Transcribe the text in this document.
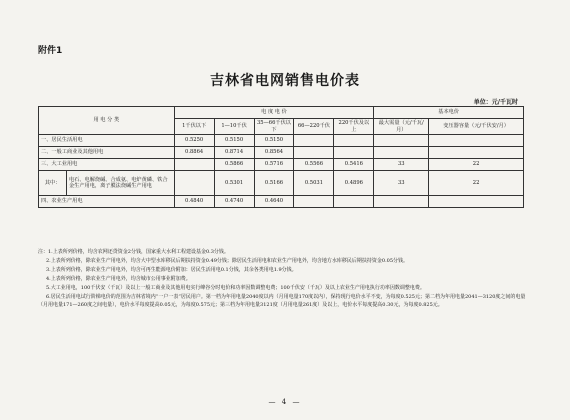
附件1
吉林省电网销售电价表
单位：元/千瓦时
用 电 分 类		电 度 电 价					基本电价	
		1千伏以下	1—10千伏	35—66千伏以下	66—220千伏	220千伏及以上	最大需量（元/千瓦/月）	变压器容量（元/千伏安/月）
一、居民生活用电		0.5250	0.5150	0.5150				
二、一般工商业及其他用电		0.8864	0.8714	0.8564				
三、大工业用电			0.5866	0.5716	0.5566	0.5416	33	22
其中：	电石、电解烧碱、合成氨、电炉黄磷、铁合金生产用电，离子膜法烧碱生产用电		0.5301	0.5166	0.5031	0.4896	33	22
四、农业生产用电		0.4840	0.4740	0.4640				

注：1.上表所列价格，均含农网还贷资金2分钱，国家重大水利工程建设基金0.3分钱。

2.上表所列价格，除农业生产用电外，均含大中型水库移民后期扶持资金0.49分钱；除居民生活用电和农业生产用电外，均含地方水库移民后期扶持资金0.05分钱。

3.上表所列价格，除农业生产用电外，均含可再生能源电价附加：居民生活用电0.1分钱，其余各类用电1.9分钱。

4.上表所列价格，除农业生产用电外，均含城市公用事业附加费。

5.大工业用电，100千伏安（千瓦）及以上一般工商业及其他用电实行峰谷分时电价和功率因数调整电费；100千伏安（千瓦）及以上农业生产用电执行功率因数调整电费。

6.居民生活用电试行阶梯电价的范围为吉林省境内“一户一表”居民用户。第一档为年用电量2040度以内（月用电量170度以内），保持现行电价水平不变，为每度0.525元；第二档为年用电量2041—3120度之间的电量（月用电量171—260度之间电量），电价水平每度提高0.05元，为每度0.575元；第三档为年用电量3121度（月用电量261度）及以上，电价水平每度提高0.30元，为每度0.825元。

— 4 —
